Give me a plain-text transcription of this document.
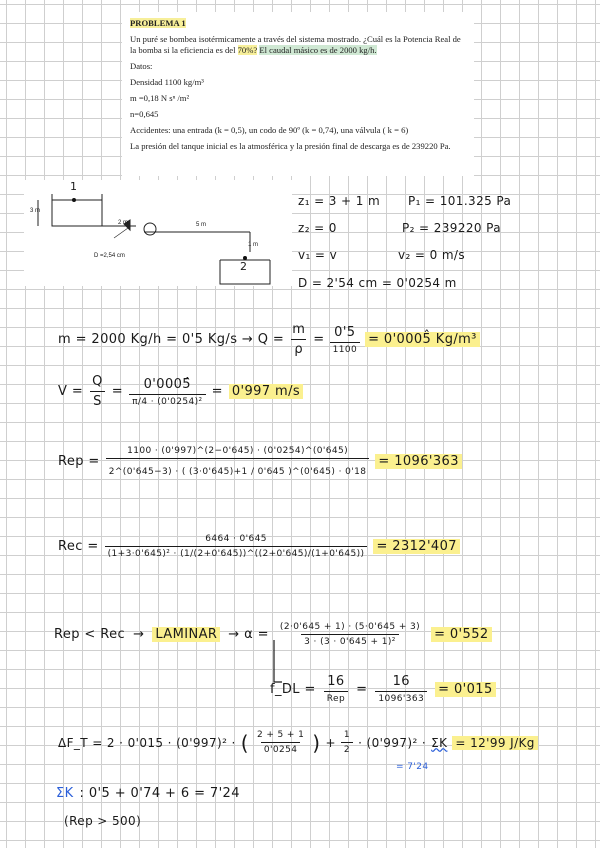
PROBLEMA 1

Un puré se bombea isotérmicamente a través del sistema mostrado. ¿Cuál es la Potencia Real de la bomba si la eficiencia es del 70%? El caudal másico es de 2000 kg/h.

Datos:

Densidad 1100 kg/m³

m =0,18 N sⁿ /m²

n=0,645

Accidentes: una entrada (k = 0,5), un codo de 90º (k = 0,74), una válvula ( k = 6)

La presión del tanque inicial es la atmosférica y la presión final de descarga es de 239220 Pa.

1
2
3 m
2 m	5 m
1 m
D =2,54 cm
z₁ = 3 + 1 m
z₂ = 0
v₁ = v
D = 2'54 cm = 0'0254 m
P₁ = 101.325 Pa
P₂ = 239220 Pa
v₂ = 0 m/s
m = 2000 Kg/h = 0'5 $Kg/s \to Q = \frac{m}{\rho} = \frac{0'5}{1100}$ = 0'0005̂ Kg/m³
$V = \frac{Q}{S} = \frac{0'0005̂}{\text{π/4 · (0'0254)²}} = 0'997$ m/s
Rep = $\frac{1100 \cdot (0'997)\^{}(2-0'645) \cdot (0'0254)\^{}(0'645)}{2\^{}(0'645-3) \cdot ( (3\cdot 0'645)+1 / 0'645 )\^{}(0'645) \cdot 0'18} = 1096'363$
Rec = $\frac{6464 \cdot 0'645}{\text{(1+3·0'645)² · (1/(2+0'645))\textasciicircum{}((2+0'645)/(1+0'645))}} = 2312'407$
Rep < Rec → LAMINAR → $\alpha = \frac{(2\cdot 0'645 + 1) \cdot (5\cdot 0'645 + 3)}{\text{3 · (3 · 0'645 + 1)²}} = 0'552$
f_DL = $\frac{16}{\text{Rep}} = \frac{16}{1096'363} = 0'015$
ΔF_T = 2 · 0'015 · (0'997)² · ( $\frac{2 + 5 + 1}{0'0254}$ ) + $\frac{1}{2} \cdot (0'997)^2 \cdot \Sigma K = 12'99$ J/Kg
= 7'24
ΣK : 0'5 + 0'74 + 6 = 7'24
(Rep > 500)
